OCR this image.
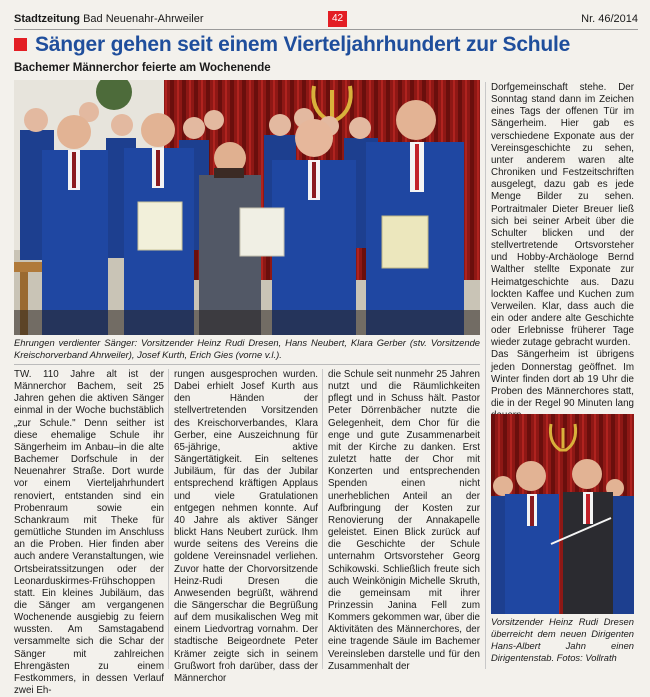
Stadtzeitung Bad Neuenahr-Ahrweiler	42	Nr. 46/2014
Sänger gehen seit einem Vierteljahrhundert zur Schule
Bachemer Männerchor feierte am Wochenende
Ehrungen verdienter Sänger: Vorsitzender Heinz Rudi Dresen, Hans Neubert, Klara Gerber (stv. Vorsitzende Kreischorverband Ahrweiler), Josef Kurth, Erich Gies (vorne v.l.).

TW. 110 Jahre alt ist der Männerchor Bachem, seit 25 Jahren gehen die aktiven Sänger einmal in der Woche buchstäblich „zur Schule." Denn seither ist diese ehemalige Schule ihr Sängerheim im Anbau–in die alte Bachemer Dorfschule in der Neuenahrer Straße. Dort wurde vor einem Vierteljahrhundert renoviert, entstanden sind ein Probenraum sowie ein Schankraum mit Theke für gemütliche Stunden im Anschluss an die Proben. Hier finden aber auch andere Veranstaltungen, wie Ortsbeiratssitzungen oder der Leonarduskirmes-Frühschoppen statt. Ein kleines Jubiläum, das die Sänger am vergangenen Wochenende ausgiebig zu feiern wussten. Am Samstagabend versammelte sich die Schar der Sänger mit zahlreichen Ehrengästen zu einem Festkommers, in dessen Verlauf zwei Eh-

rungen ausgesprochen wurden. Dabei erhielt Josef Kurth aus den Händen der stellvertretenden Vorsitzenden des Kreischorverbandes, Klara Gerber, eine Auszeichnung für 65-jährige, aktive Sängertätigkeit. Ein seltenes Jubiläum, für das der Jubilar entsprechend kräftigen Applaus und viele Gratulationen entgegen nehmen konnte. Auf 40 Jahre als aktiver Sänger blickt Hans Neubert zurück. Ihm wurde seitens des Vereins die goldene Vereinsnadel verliehen. Zuvor hatte der Chorvorsitzende Heinz-Rudi Dresen die Anwesenden begrüßt, während die Sängerschar die Begrüßung auf dem musikalischen Weg mit einem Liedvortrag vornahm. Der stadtische Beigeordnete Peter Krämer zeigte sich in seinem Grußwort froh darüber, dass der Männerchor

die Schule seit nunmehr 25 Jahren nutzt und die Räumlichkeiten pflegt und in Schuss hält. Pastor Peter Dörrenbächer nutzte die Gelegenheit, dem Chor für die enge und gute Zusammenarbeit mit der Kirche zu danken. Erst zuletzt hatte der Chor mit Konzerten und entsprechenden Spenden einen nicht unerheblichen Anteil an der Aufbringung der Kosten zur Renovierung der Annakapelle geleistet. Einen Blick zurück auf die Geschichte der Schule unternahm Ortsvorsteher Georg Schikowski. Schließlich freute sich auch Weinkönigin Michelle Skruth, die gemeinsam mit ihrer Prinzessin Janina Fell zum Kommers gekommen war, über die Aktivitäten des Männerchores, der eine tragende Säule im Bachemer Vereinsleben darstelle und für den Zusammenhalt der

Dorfgemeinschaft stehe. Der Sonntag stand dann im Zeichen eines Tags der offenen Tür im Sängerheim. Hier gab es verschiedene Exponate aus der Vereinsgeschichte zu sehen, unter anderem waren alte Chroniken und Festzeitschriften ausgelegt, dazu gab es jede Menge Bilder zu sehen. Portraitmaler Dieter Breuer ließ sich bei seiner Arbeit über die Schulter blicken und der stellvertretende Ortsvorsteher und Hobby-Archäologe Bernd Walther stellte Exponate zur Heimatgeschichte aus. Dazu lockten Kaffee und Kuchen zum Verweilen. Klar, dass auch die ein oder andere alte Geschichte oder Erlebnisse früherer Tage wieder zutage gebracht wurden.

Das Sängerheim ist übrigens jeden Donnerstag geöffnet. Im Winter finden dort ab 19 Uhr die Proben des Männerchores statt, die in der Regel 90 Minuten lang

Vorsitzender Heinz Rudi Dresen überreicht dem neuen Dirigenten Hans-Albert Jahn einen Dirigentenstab. Fotos: Vollrath
